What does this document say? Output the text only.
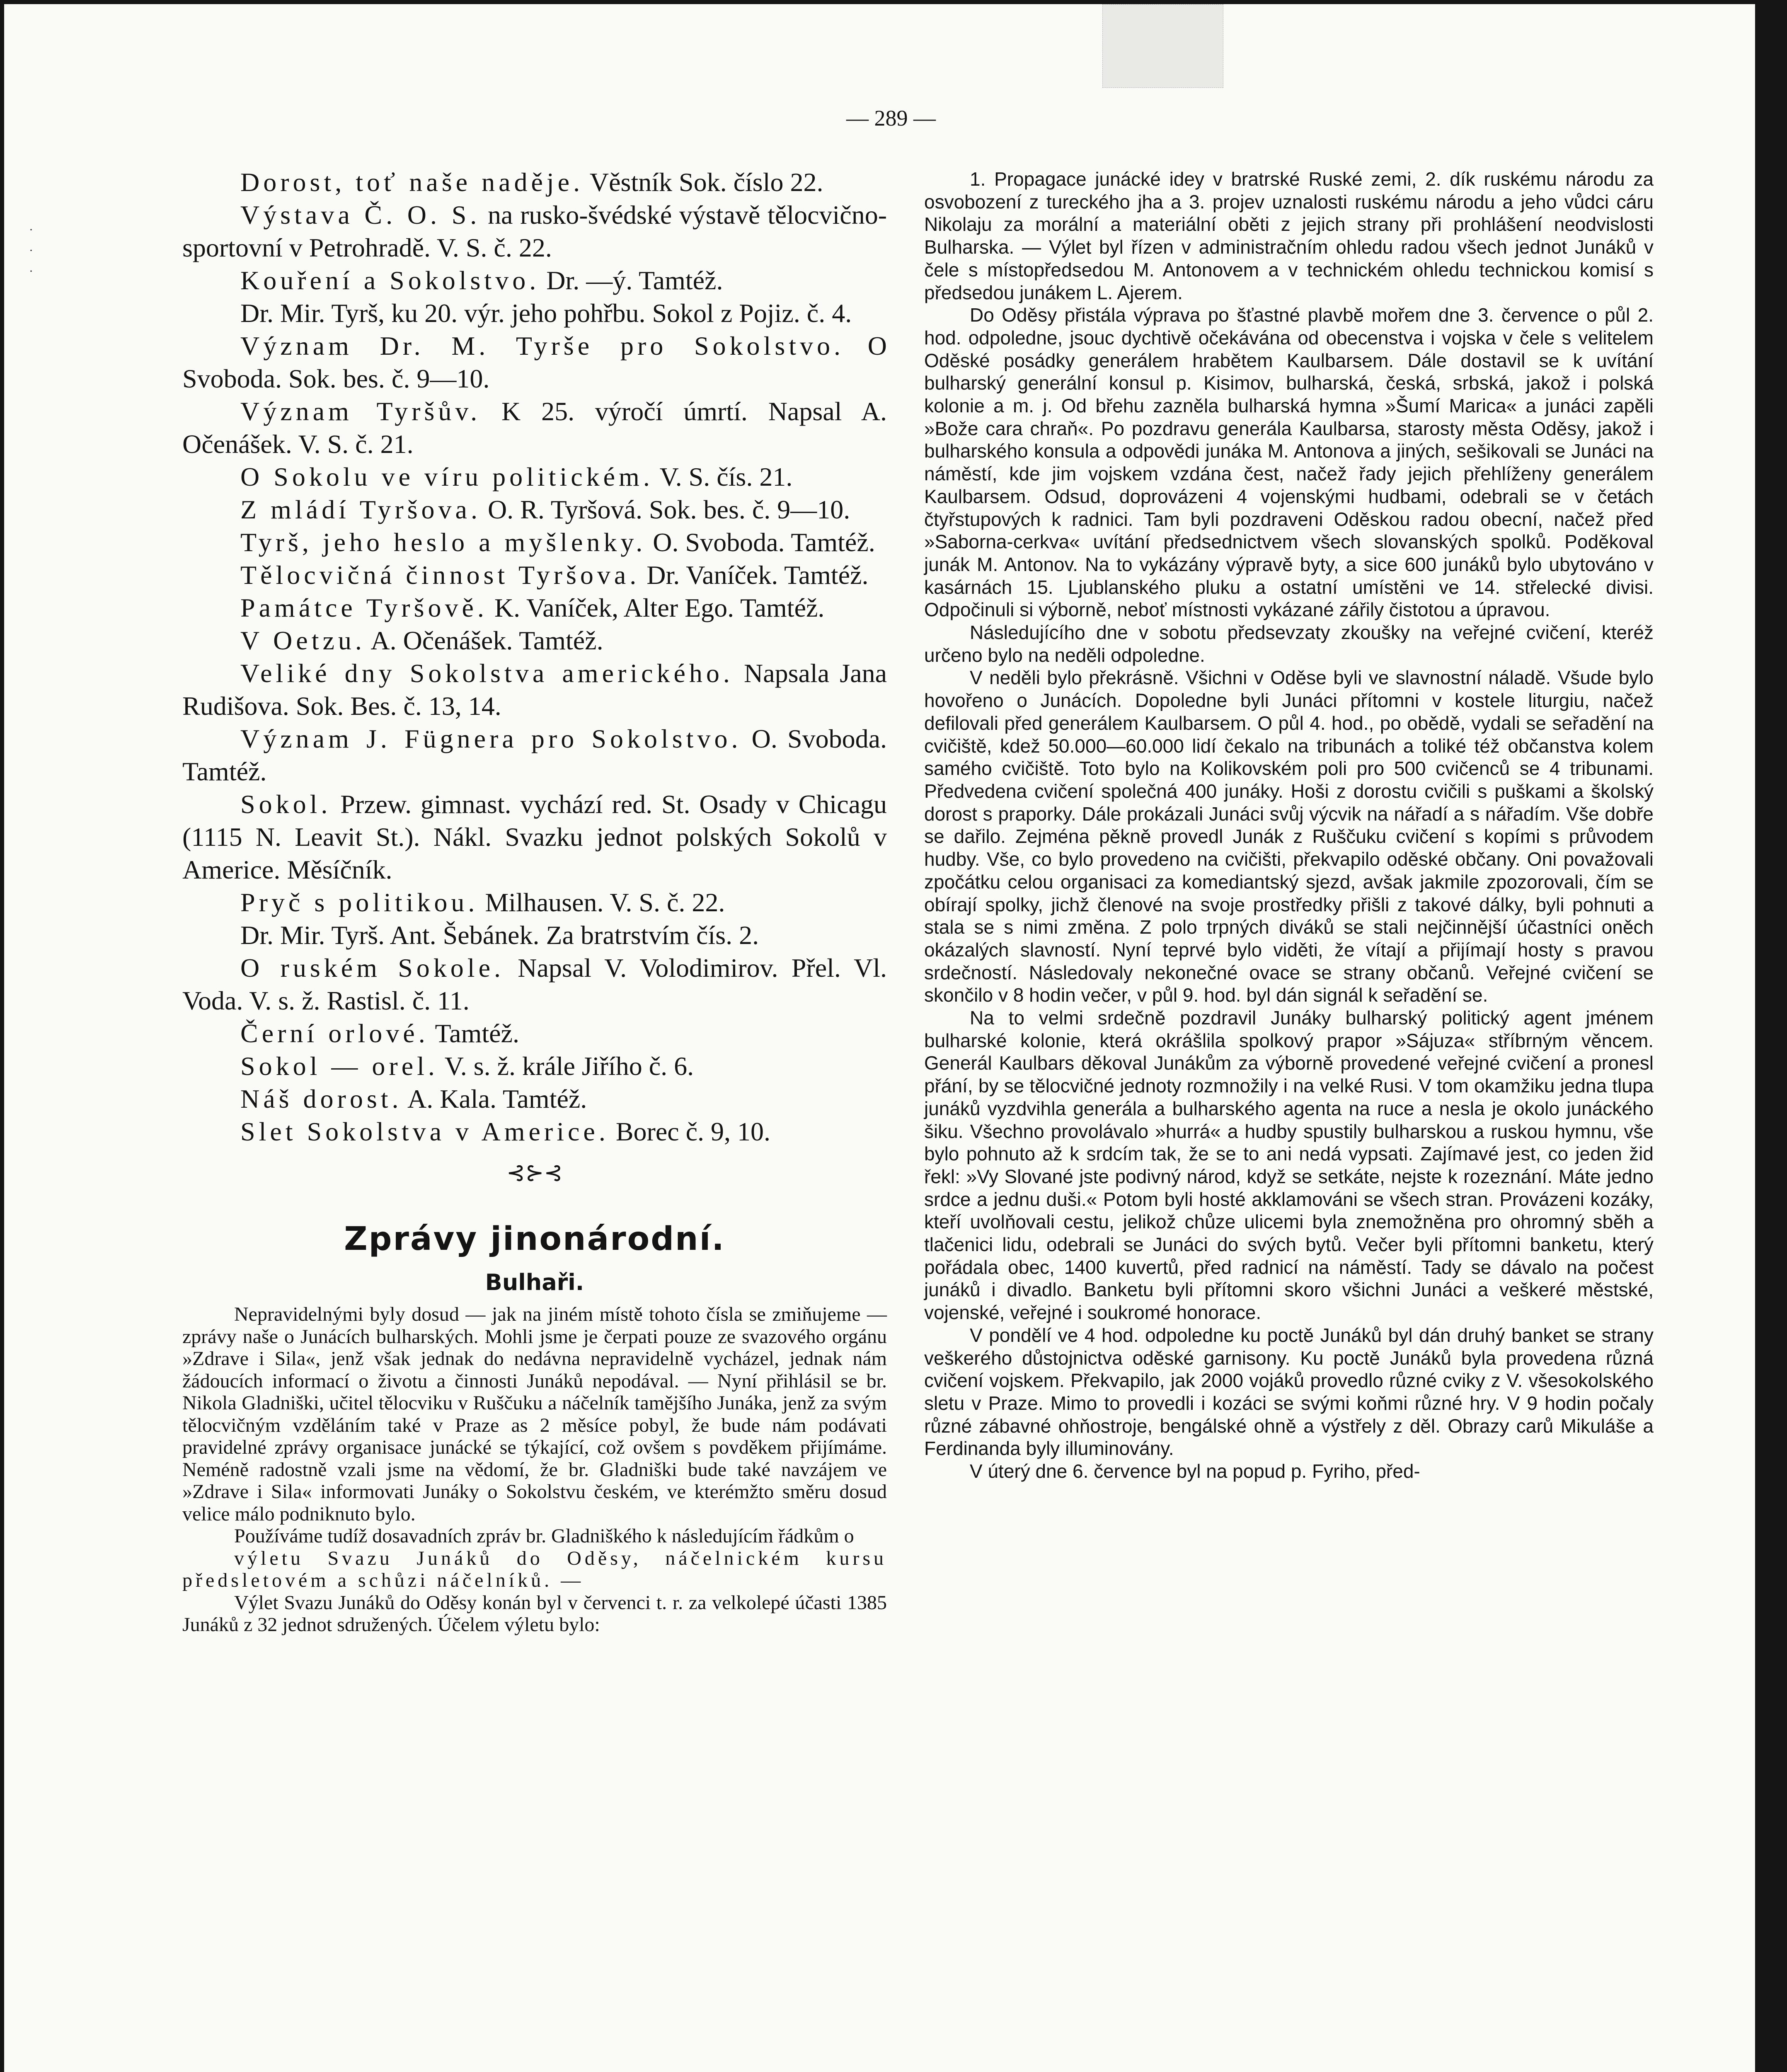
·
·
·
— 289 —

Dorost, toť naše naděje. Věstník Sok. číslo 22.

Výstava Č. O. S. na rusko-švédské výstavě tělocvično-sportovní v Petrohradě. V. S. č. 22.

Kouření a Sokolstvo. Dr. —ý. Tamtéž.

Dr. Mir. Tyrš, ku 20. výr. jeho pohřbu. Sokol z Pojiz. č. 4.

Význam Dr. M. Tyrše pro Sokolstvo. O Svoboda. Sok. bes. č. 9—10.

Význam Tyršův. K 25. výročí úmrtí. Napsal A. Očenášek. V. S. č. 21.

O Sokolu ve víru politickém. V. S. čís. 21.

Z mládí Tyršova. O. R. Tyršová. Sok. bes. č. 9—10.

Tyrš, jeho heslo a myšlenky. O. Svoboda. Tamtéž.

Tělocvičná činnost Tyršova. Dr. Vaníček. Tamtéž.

Památce Tyršově. K. Vaníček, Alter Ego. Tamtéž.

V Oetzu. A. Očenášek. Tamtéž.

Veliké dny Sokolstva amerického. Napsala Jana Rudišova. Sok. Bes. č. 13, 14.

Význam J. Fügnera pro Sokolstvo. O. Svoboda. Tamtéž.

Sokol. Przew. gimnast. vychází red. St. Osady v Chicagu (1115 N. Leavit St.). Nákl. Svazku jednot polských Sokolů v Americe. Měsíčník.

Pryč s politikou. Milhausen. V. S. č. 22.

Dr. Mir. Tyrš. Ant. Šebánek. Za bratrstvím čís. 2.

O ruském Sokole. Napsal V. Volodimirov. Přel. Vl. Voda. V. s. ž. Rastisl. č. 11.

Černí orlové. Tamtéž.

Sokol — orel. V. s. ž. krále Jiřího č. 6.

Náš dorost. A. Kala. Tamtéž.

Slet Sokolstva v Americe. Borec č. 9, 10.

⊰⊱⊰
Zprávy jinonárodní.
Bulhaři.

Nepravidelnými byly dosud — jak na jiném místě tohoto čísla se zmiňujeme — zprávy naše o Junácích bulharských. Mohli jsme je čerpati pouze ze svazového orgánu »Zdrave i Sila«, jenž však jednak do nedávna nepravidelně vycházel, jednak nám žádoucích informací o životu a činnosti Junáků nepodával. — Nyní přihlásil se br. Nikola Gladniški, učitel tělocviku v Ruščuku a náčelník tamějšího Junáka, jenž za svým tělocvičným vzděláním také v Praze as 2 měsíce pobyl, že bude nám podávati pravidelné zprávy organisace junácké se týkající, což ovšem s povděkem přijímáme. Neméně radostně vzali jsme na vědomí, že br. Gladniški bude také navzájem ve »Zdrave i Sila« informovati Junáky o Sokolstvu českém, ve kterémžto směru dosud velice málo podniknuto bylo.

Používáme tudíž dosavadních zpráv br. Gladniškého k následujícím řádkům o

výletu Svazu Junáků do Oděsy, náčelnickém kursu předsletovém a schůzi náčelníků. —

Výlet Svazu Junáků do Oděsy konán byl v červenci t. r. za velkolepé účasti 1385 Junáků z 32 jednot sdružených. Účelem výletu bylo:

1. Propagace junácké idey v bratrské Ruské zemi, 2. dík ruskému národu za osvobození z tureckého jha a 3. projev uznalosti ruskému národu a jeho vůdci cáru Nikolaju za morální a materiální oběti z jejich strany při prohlášení neodvislosti Bulharska. — Výlet byl řízen v administračním ohledu radou všech jednot Junáků v čele s místopředsedou M. Antonovem a v technickém ohledu technickou komisí s předsedou junákem L. Ajerem.

Do Oděsy přistála výprava po šťastné plavbě mořem dne 3. července o půl 2. hod. odpoledne, jsouc dychtivě očekávána od obecenstva i vojska v čele s velitelem Oděské posádky generálem hrabětem Kaulbarsem. Dále dostavil se k uvítání bulharský generální konsul p. Kisimov, bulharská, česká, srbská, jakož i polská kolonie a m. j. Od břehu zazněla bulharská hymna »Šumí Marica« a junáci zapěli »Bože cara chraň«. Po pozdravu generála Kaulbarsa, starosty města Oděsy, jakož i bulharského konsula a odpovědi junáka M. Antonova a jiných, sešikovali se Junáci na náměstí, kde jim vojskem vzdána čest, načež řady jejich přehlíženy generálem Kaulbarsem. Odsud, doprovázeni 4 vojenskými hudbami, odebrali se v četách čtyřstupových k radnici. Tam byli pozdraveni Oděskou radou obecní, načež před »Saborna-cerkva« uvítání předsednictvem všech slovanských spolků. Poděkoval junák M. Antonov. Na to vykázány výpravě byty, a sice 600 junáků bylo ubytováno v kasárnách 15. Ljublanského pluku a ostatní umístěni ve 14. střelecké divisi. Odpočinuli si výborně, neboť místnosti vykázané zářily čistotou a úpravou.

Následujícího dne v sobotu předsevzaty zkoušky na veřejné cvičení, kteréž určeno bylo na neděli odpoledne.

V neděli bylo překrásně. Všichni v Oděse byli ve slavnostní náladě. Všude bylo hovořeno o Junácích. Dopoledne byli Junáci přítomni v kostele liturgiu, načež defilovali před generálem Kaulbarsem. O půl 4. hod., po obědě, vydali se seřadění na cvičiště, kdež 50.000—60.000 lidí čekalo na tribunách a toliké též občanstva kolem samého cvičiště. Toto bylo na Kolikovském poli pro 500 cvičenců se 4 tribunami. Předvedena cvičení společná 400 junáky. Hoši z dorostu cvičili s puškami a školský dorost s praporky. Dále prokázali Junáci svůj výcvik na nářadí a s nářadím. Vše dobře se dařilo. Zejména pěkně provedl Junák z Ruščuku cvičení s kopími s průvodem hudby. Vše, co bylo provedeno na cvičišti, překvapilo oděské občany. Oni považovali zpočátku celou organisaci za komediantský sjezd, avšak jakmile zpozorovali, čím se obírají spolky, jichž členové na svoje prostředky přišli z takové dálky, byli pohnuti a stala se s nimi změna. Z polo trpných diváků se stali nejčinnější účastníci oněch okázalých slavností. Nyní teprvé bylo viděti, že vítají a přijímají hosty s pravou srdečností. Následovaly nekonečné ovace se strany občanů. Veřejné cvičení se skončilo v 8 hodin večer, v půl 9. hod. byl dán signál k seřadění se.

Na to velmi srdečně pozdravil Junáky bulharský politický agent jménem bulharské kolonie, která okrášlila spolkový prapor »Sájuza« stříbrným věncem. Generál Kaulbars děkoval Junákům za výborně provedené veřejné cvičení a pronesl přání, by se tělocvičné jednoty rozmnožily i na velké Rusi. V tom okamžiku jedna tlupa junáků vyzdvihla generála a bulharského agenta na ruce a nesla je okolo junáckého šiku. Všechno provolávalo »hurrá« a hudby spustily bulharskou a ruskou hymnu, vše bylo pohnuto až k srdcím tak, že se to ani nedá vypsati. Zajímavé jest, co jeden žid řekl: »Vy Slované jste podivný národ, když se setkáte, nejste k rozeznání. Máte jedno srdce a jednu duši.« Potom byli hosté akklamováni se všech stran. Provázeni kozáky, kteří uvolňovali cestu, jelikož chůze ulicemi byla znemožněna pro ohromný sběh a tlačenici lidu, odebrali se Junáci do svých bytů. Večer byli přítomni banketu, který pořádala obec, 1400 kuvertů, před radnicí na náměstí. Tady se dávalo na počest junáků i divadlo. Banketu byli přítomni skoro všichni Junáci a veškeré městské, vojenské, veřejné i soukromé honorace.

V pondělí ve 4 hod. odpoledne ku poctě Junáků byl dán druhý banket se strany veškerého důstojnictva oděské garnisony. Ku poctě Junáků byla provedena různá cvičení vojskem. Překvapilo, jak 2000 vojáků provedlo různé cviky z V. všesokolského sletu v Praze. Mimo to provedli i kozáci se svými koňmi různé hry. V 9 hodin počaly různé zábavné ohňostroje, bengálské ohně a výstřely z děl. Obrazy carů Mikuláše a Ferdinanda byly illuminovány.

V úterý dne 6. července byl na popud p. Fyriho, před-
